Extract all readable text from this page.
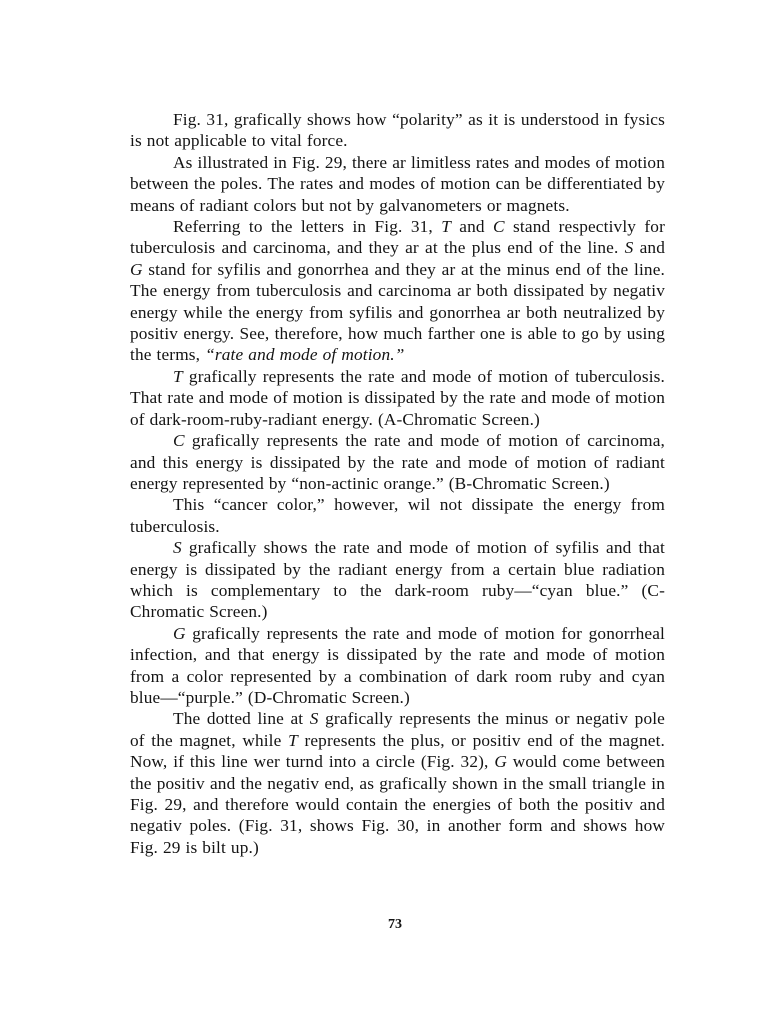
Fig. 31, grafically shows how “polarity” as it is understood in fysics is not applicable to vital force.

As illustrated in Fig. 29, there ar limitless rates and modes of motion between the poles. The rates and modes of motion can be differentiated by means of radiant colors but not by galvanometers or magnets.

Referring to the letters in Fig. 31, T and C stand respectivly for tuberculosis and carcinoma, and they ar at the plus end of the line. S and G stand for syfilis and gonorrhea and they ar at the minus end of the line. The energy from tuberculosis and carcinoma ar both dissipated by negativ energy while the energy from syfilis and gonorrhea ar both neutralized by positiv energy. See, therefore, how much farther one is able to go by using the terms, “rate and mode of motion.”

T grafically represents the rate and mode of motion of tuberculosis. That rate and mode of motion is dissipated by the rate and mode of motion of dark-room-ruby-radiant energy. (A-Chromatic Screen.)

C grafically represents the rate and mode of motion of carcinoma, and this energy is dissipated by the rate and mode of motion of radiant energy represented by “non-actinic orange.” (B-Chromatic Screen.)

This “cancer color,” however, wil not dissipate the energy from tuberculosis.

S grafically shows the rate and mode of motion of syfilis and that energy is dissipated by the radiant energy from a certain blue radiation which is complementary to the dark-room ruby—“cyan blue.” (C-Chromatic Screen.)

G grafically represents the rate and mode of motion for gonorrheal infection, and that energy is dissipated by the rate and mode of motion from a color represented by a combination of dark room ruby and cyan blue—“purple.” (D-Chromatic Screen.)

The dotted line at S grafically represents the minus or negativ pole of the magnet, while T represents the plus, or positiv end of the magnet. Now, if this line wer turnd into a circle (Fig. 32), G would come between the positiv and the negativ end, as grafically shown in the small triangle in Fig. 29, and therefore would contain the energies of both the positiv and negativ poles. (Fig. 31, shows Fig. 30, in another form and shows how Fig. 29 is bilt up.)

73
